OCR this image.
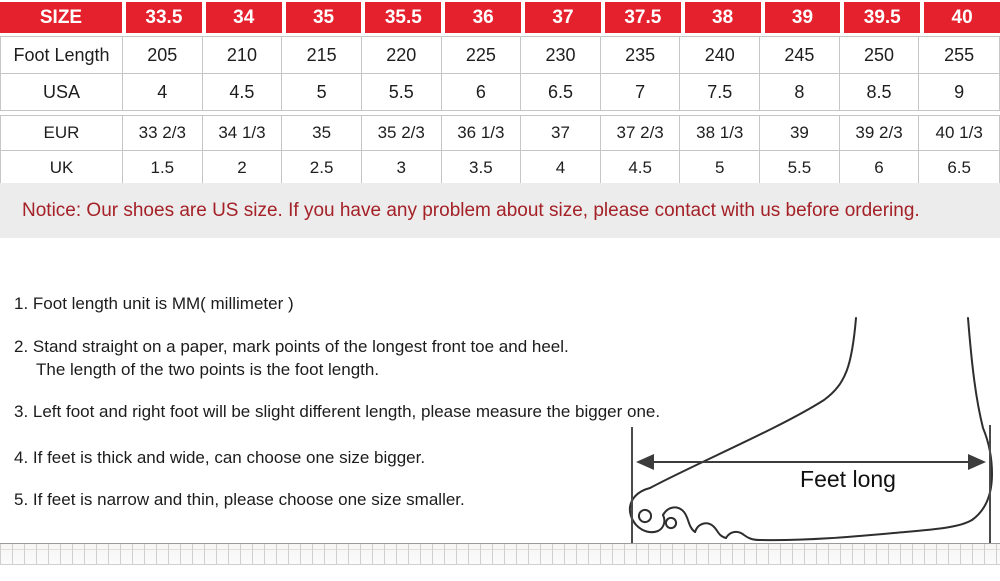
SIZE	33.5	34	35	35.5	36	37	37.5	38	39	39.5	40
Foot Length	205	210	215	220	225	230	235	240	245	250	255
USA	4	4.5	5	5.5	6	6.5	7	7.5	8	8.5	9
EUR	33 2/3	34 1/3	35	35 2/3	36 1/3	37	37 2/3	38 1/3	39	39 2/3	40 1/3
UK	1.5	2	2.5	3	3.5	4	4.5	5	5.5	6	6.5
Notice: Our shoes are US size. If you have any problem about size, please contact with us before ordering.
1. Foot length unit is MM( millimeter )
2. Stand straight on a paper, mark points of the longest front toe and heel.
The length of the two points is the foot length.
3. Left foot and right foot will be slight different length, please measure the bigger one.
4. If feet is thick and wide, can choose one size bigger.
5. If feet is narrow and thin, please choose one size smaller.
Feet long
